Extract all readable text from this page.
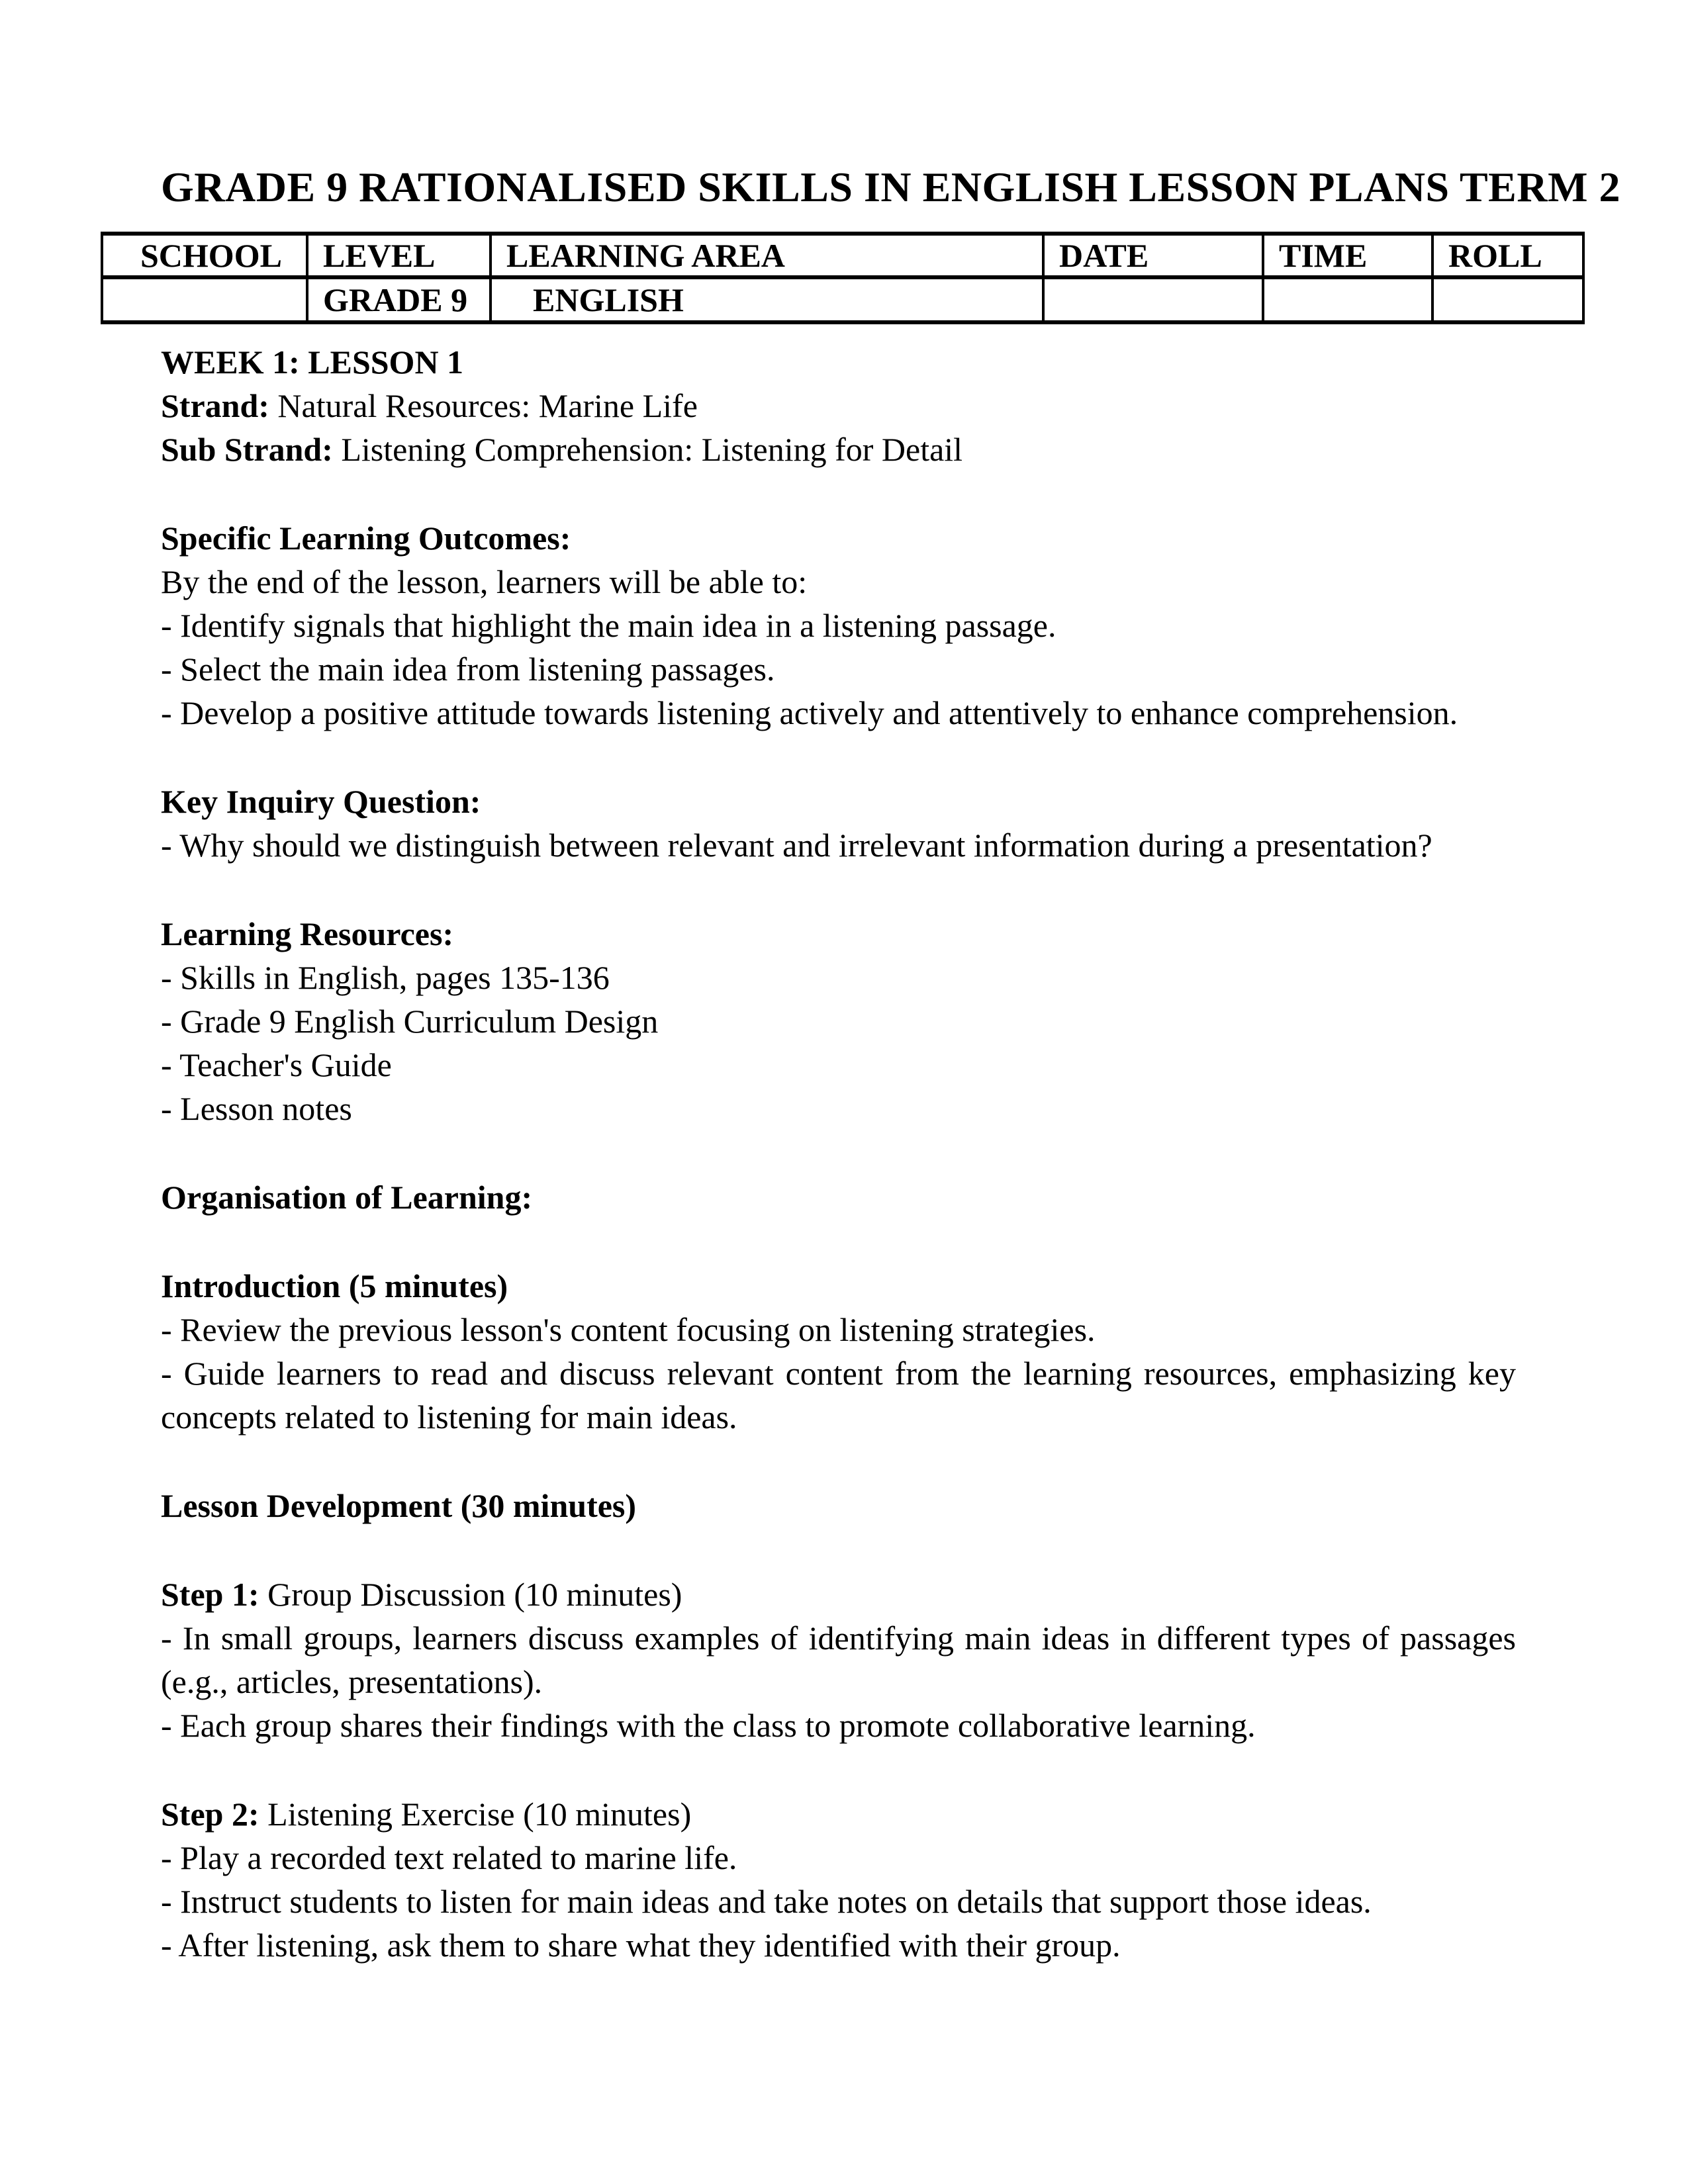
GRADE 9 RATIONALISED SKILLS IN ENGLISH LESSON PLANS TERM 2
SCHOOL	LEVEL	LEARNING AREA	DATE	TIME	ROLL
	GRADE 9	ENGLISH			

WEEK 1: LESSON 1

Strand: Natural Resources: Marine Life

Sub Strand: Listening Comprehension: Listening for Detail

Specific Learning Outcomes:

By the end of the lesson, learners will be able to:

- Identify signals that highlight the main idea in a listening passage.

- Select the main idea from listening passages.

- Develop a positive attitude towards listening actively and attentively to enhance comprehension.

Key Inquiry Question:

- Why should we distinguish between relevant and irrelevant information during a presentation?

Learning Resources:

- Skills in English, pages 135-136

- Grade 9 English Curriculum Design

- Teacher's Guide

- Lesson notes

Organisation of Learning:

Introduction (5 minutes)

- Review the previous lesson's content focusing on listening strategies.

- Guide learners to read and discuss relevant content from the learning resources, emphasizing key concepts related to listening for main ideas.

Lesson Development (30 minutes)

Step 1: Group Discussion (10 minutes)

- In small groups, learners discuss examples of identifying main ideas in different types of passages (e.g., articles, presentations).

- Each group shares their findings with the class to promote collaborative learning.

Step 2: Listening Exercise (10 minutes)

- Play a recorded text related to marine life.

- Instruct students to listen for main ideas and take notes on details that support those ideas.

- After listening, ask them to share what they identified with their group.
